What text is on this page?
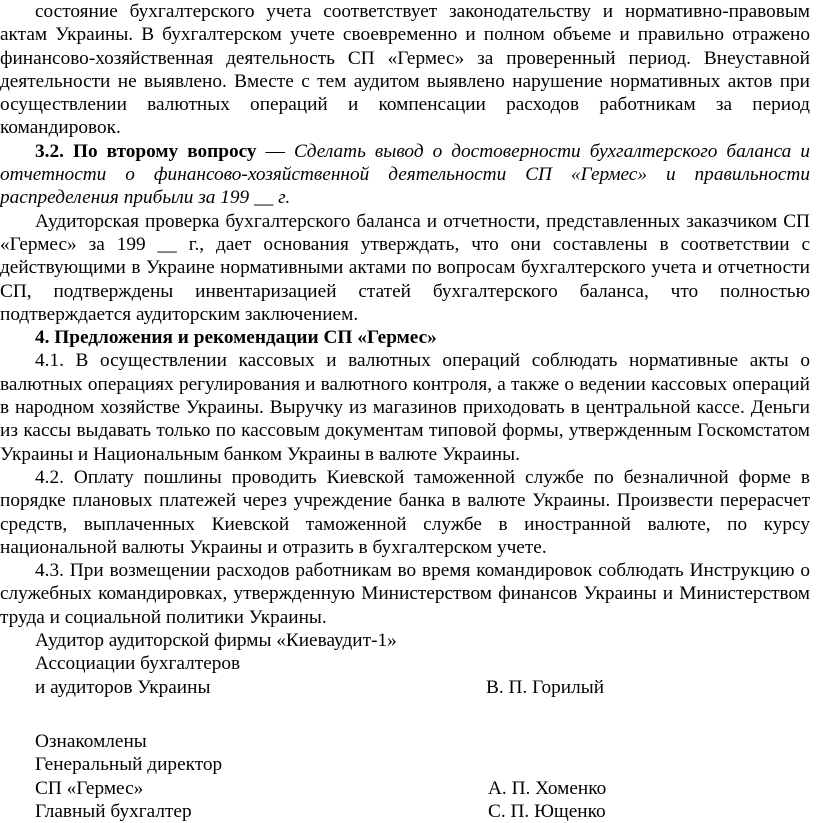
состояние бухгалтерского учета соответствует законодательству и нормативно-правовым актам Украины. В бухгалтерском учете своевременно и полном объеме и правильно отражено финансово-хозяйственная деятельность СП «Гермес» за проверенный период. Внеуставной деятельности не выявлено. Вместе с тем аудитом выявлено нарушение нормативных актов при осуществлении валютных операций и компенсации расходов работникам за период командировок.

3.2. По второму вопросу — Сделать вывод о достоверности бухгалтерского баланса и отчетности о финансово-хозяйственной деятельности СП «Гермес» и правильности распределения прибыли за 199 __ г.

Аудиторская проверка бухгалтерского баланса и отчетности, представленных заказчиком СП «Гермес» за 199 __ г., дает основания утверждать, что они составлены в соответствии с действующими в Украине нормативными актами по вопросам бухгалтерского учета и отчетности СП, подтверждены инвентаризацией статей бухгалтерского баланса, что полностью подтверждается аудиторским заключением.

4. Предложения и рекомендации СП «Гермес»

4.1. В осуществлении кассовых и валютных операций соблюдать нормативные акты о валютных операциях регулирования и валютного контроля, а также о ведении кассовых операций в народном хозяйстве Украины. Выручку из магазинов приходовать в центральной кассе. Деньги из кассы выдавать только по кассовым документам типовой формы, утвержденным Госкомстатом Украины и Национальным банком Украины в валюте Украины.

4.2. Оплату пошлины проводить Киевской таможенной службе по безналичной форме в порядке плановых платежей через учреждение банка в валюте Украины. Произвести перерасчет средств, выплаченных Киевской таможенной службе в иностранной валюте, по курсу национальной валюты Украины и отразить в бухгалтерском учете.

4.3. При возмещении расходов работникам во время командировок соблюдать Инструкцию о служебных командировках, утвержденную Министерством финансов Украины и Министерством труда и социальной политики Украины.

Аудитор аудиторской фирмы «Киеваудит-1»
Ассоциации бухгалтеров
и аудиторов Украины	В. П. Горилый
Ознакомлены
Генеральный директор
СП «Гермес»	А. П. Хоменко
Главный бухгалтер	С. П. Ющенко
